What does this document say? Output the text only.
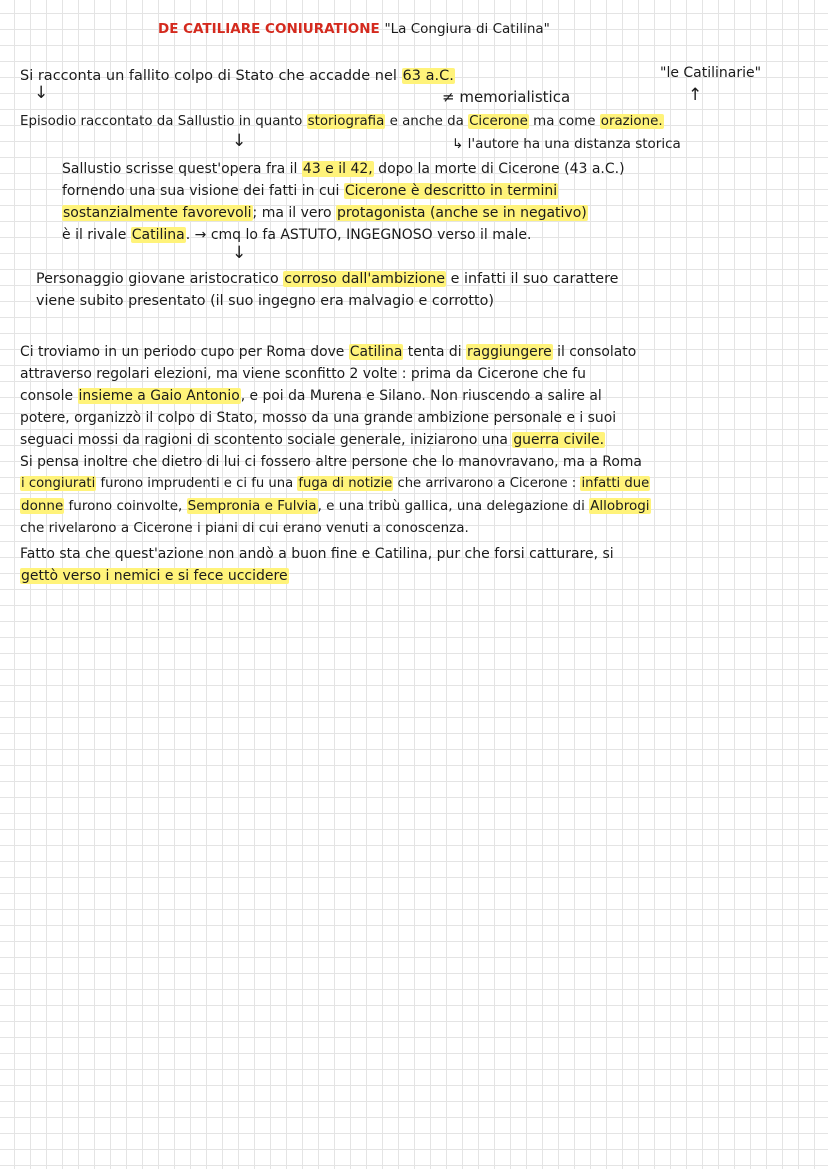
DE CATILIARE CONIURATIONE "La Congiura di Catilina"
Si racconta un fallito colpo di Stato che accadde nel 63 a.C.	"le Catilinarie"
↓	≠ memorialistica	↑
Episodio raccontato da Sallustio in quanto storiografia e anche da Cicerone ma come orazione.
↓	↳ l'autore ha una distanza storica
Sallustio scrisse quest'opera fra il 43 e il 42, dopo la morte di Cicerone (43 a.C.)
fornendo una sua visione dei fatti in cui Cicerone è descritto in termini
sostanzialmente favorevoli; ma il vero protagonista (anche se in negativo)
è il rivale Catilina. → cmq lo fa ASTUTO, INGEGNOSO verso il male.
↓
Personaggio giovane aristocratico corroso dall'ambizione e infatti il suo carattere
viene subito presentato (il suo ingegno era malvagio e corrotto)
Ci troviamo in un periodo cupo per Roma dove Catilina tenta di raggiungere il consolato
attraverso regolari elezioni, ma viene sconfitto 2 volte : prima da Cicerone che fu
console insieme a Gaio Antonio, e poi da Murena e Silano. Non riuscendo a salire al
potere, organizzò il colpo di Stato, mosso da una grande ambizione personale e i suoi
seguaci mossi da ragioni di scontento sociale generale, iniziarono una guerra civile.
Si pensa inoltre che dietro di lui ci fossero altre persone che lo manovravano, ma a Roma
i congiurati furono imprudenti e ci fu una fuga di notizie che arrivarono a Cicerone : infatti due
donne furono coinvolte, Sempronia e Fulvia, e una tribù gallica, una delegazione di Allobrogi
che rivelarono a Cicerone i piani di cui erano venuti a conoscenza.
Fatto sta che quest'azione non andò a buon fine e Catilina, pur che forsi catturare, si
gettò verso i nemici e si fece uccidere
